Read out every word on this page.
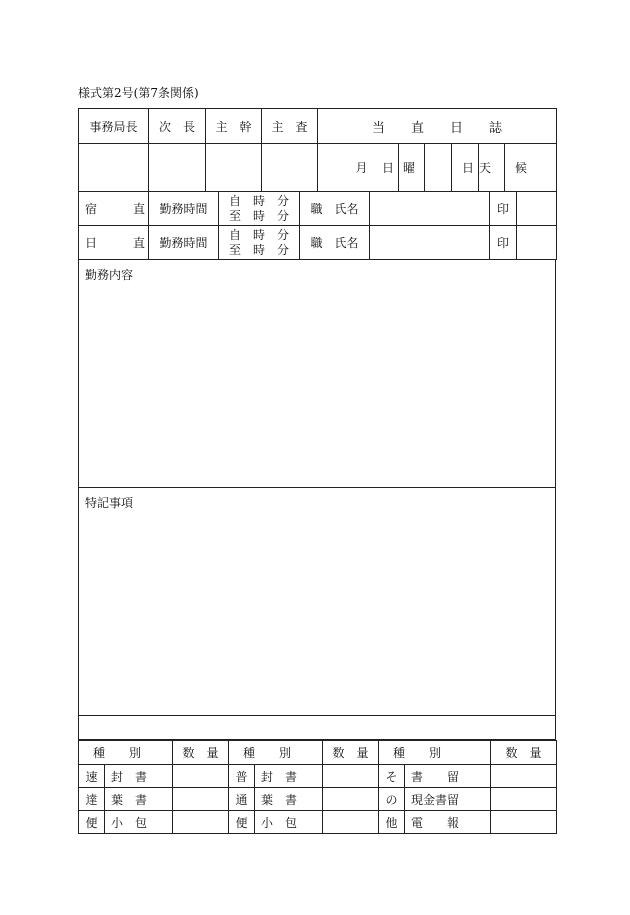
様式第2号(第7条関係)
事務局長	次　長	主　幹	主　査	当　　直　　日　　誌						
				月	日	曜		日	天　　候	
宿　　　直	勤務時間	自　時　分
至　時　分	職　氏名		印	

日　　　直	勤務時間	自　時　分
至　時　分	職　氏名		印	
勤務内容
特記事項
種　　別		数　量	種　　別		数　量	種　　別		数　量
速	封　書		普	封　書		そ	書　　留	

達	葉　書		通	葉　書		の	現金書留	

便	小　包		便	小　包		他	電　　報	
